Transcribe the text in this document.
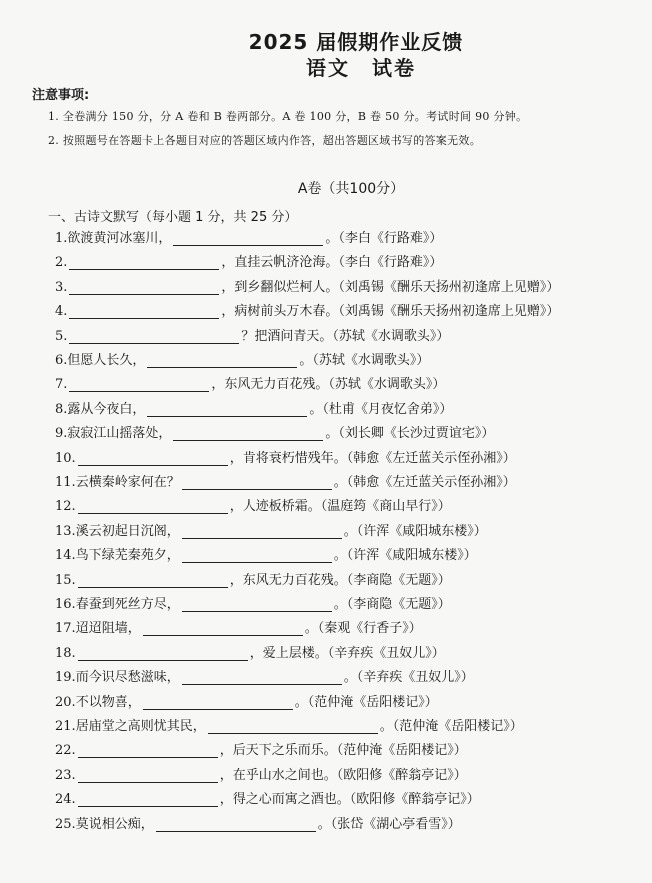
2025 届假期作业反馈
语文　试卷
注意事项:
1. 全卷满分 150 分，分 A 卷和 B 卷两部分。A 卷 100 分，B 卷 50 分。考试时间 90 分钟。
2. 按照题号在答题卡上各题目对应的答题区域内作答，超出答题区域书写的答案无效。
A卷（共100分）
一、古诗文默写（每小题 1 分，共 25 分）
1. 欲渡黄河冰塞川，	。（李白《行路难》）
2.	，直挂云帆济沧海。（李白《行路难》）
3.	，到乡翻似烂柯人。（刘禹锡《酬乐天扬州初逢席上见赠》）
4.	，病树前头万木春。（刘禹锡《酬乐天扬州初逢席上见赠》）
5.	？把酒问青天。（苏轼《水调歌头》）
6. 但愿人长久，	。（苏轼《水调歌头》）
7.	，东风无力百花残。（苏轼《水调歌头》）
8. 露从今夜白，	。（杜甫《月夜忆舍弟》）
9. 寂寂江山摇落处，	。（刘长卿《长沙过贾谊宅》）
10.	，肯将衰朽惜残年。（韩愈《左迁蓝关示侄孙湘》）
11. 云横秦岭家何在？	。（韩愈《左迁蓝关示侄孙湘》）
12.	，人迹板桥霜。（温庭筠《商山早行》）
13. 溪云初起日沉阁，	。（许浑《咸阳城东楼》）
14. 鸟下绿芜秦苑夕，	。（许浑《咸阳城东楼》）
15.	，东风无力百花残。（李商隐《无题》）
16. 春蚕到死丝方尽，	。（李商隐《无题》）
17. 迢迢阻墙，	。（秦观《行香子》）
18.	，爱上层楼。（辛弃疾《丑奴儿》）
19. 而今识尽愁滋味，	。（辛弃疾《丑奴儿》）
20. 不以物喜，	。（范仲淹《岳阳楼记》）
21. 居庙堂之高则忧其民，	。（范仲淹《岳阳楼记》）
22.	，后天下之乐而乐。（范仲淹《岳阳楼记》）
23.	，在乎山水之间也。（欧阳修《醉翁亭记》）
24.	，得之心而寓之酒也。（欧阳修《醉翁亭记》）
25. 莫说相公痴，	。（张岱《湖心亭看雪》）
